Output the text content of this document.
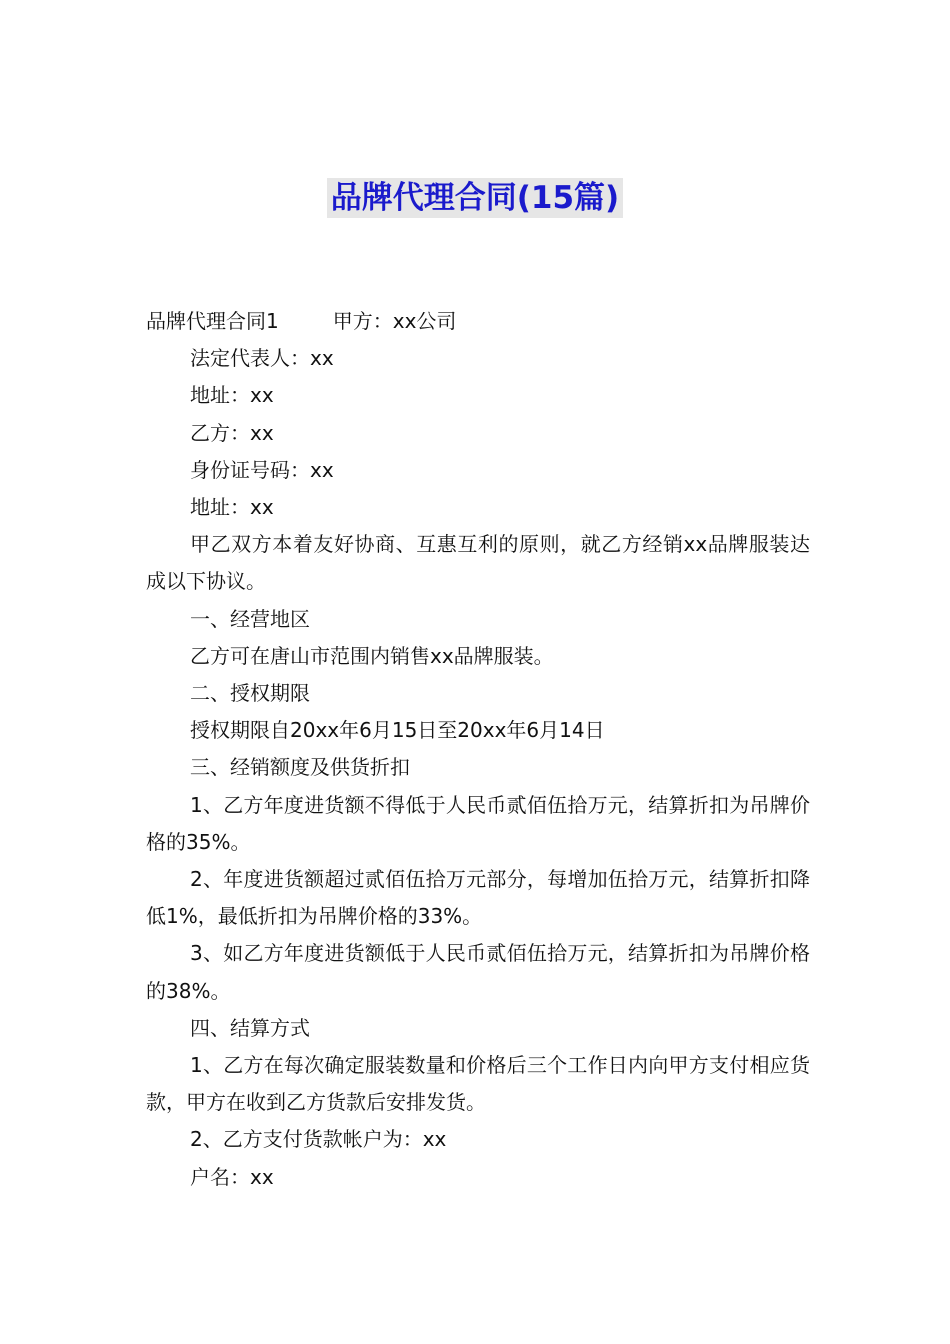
品牌代理合同(15篇)

品牌代理合同1	甲方：xx公司

法定代表人：xx

地址：xx

乙方：xx

身份证号码：xx

地址：xx

甲乙双方本着友好协商、互惠互利的原则，就乙方经销xx品牌服装达成以下协议。

一、经营地区

乙方可在唐山市范围内销售xx品牌服装。

二、授权期限

授权期限自20xx年6月15日至20xx年6月14日

三、经销额度及供货折扣

1、乙方年度进货额不得低于人民币贰佰伍拾万元，结算折扣为吊牌价格的35%。

2、年度进货额超过贰佰伍拾万元部分，每增加伍拾万元，结算折扣降低1%，最低折扣为吊牌价格的33%。

3、如乙方年度进货额低于人民币贰佰伍拾万元，结算折扣为吊牌价格的38%。

四、结算方式

1、乙方在每次确定服装数量和价格后三个工作日内向甲方支付相应货款，甲方在收到乙方货款后安排发货。

2、乙方支付货款帐户为：xx

户名：xx
